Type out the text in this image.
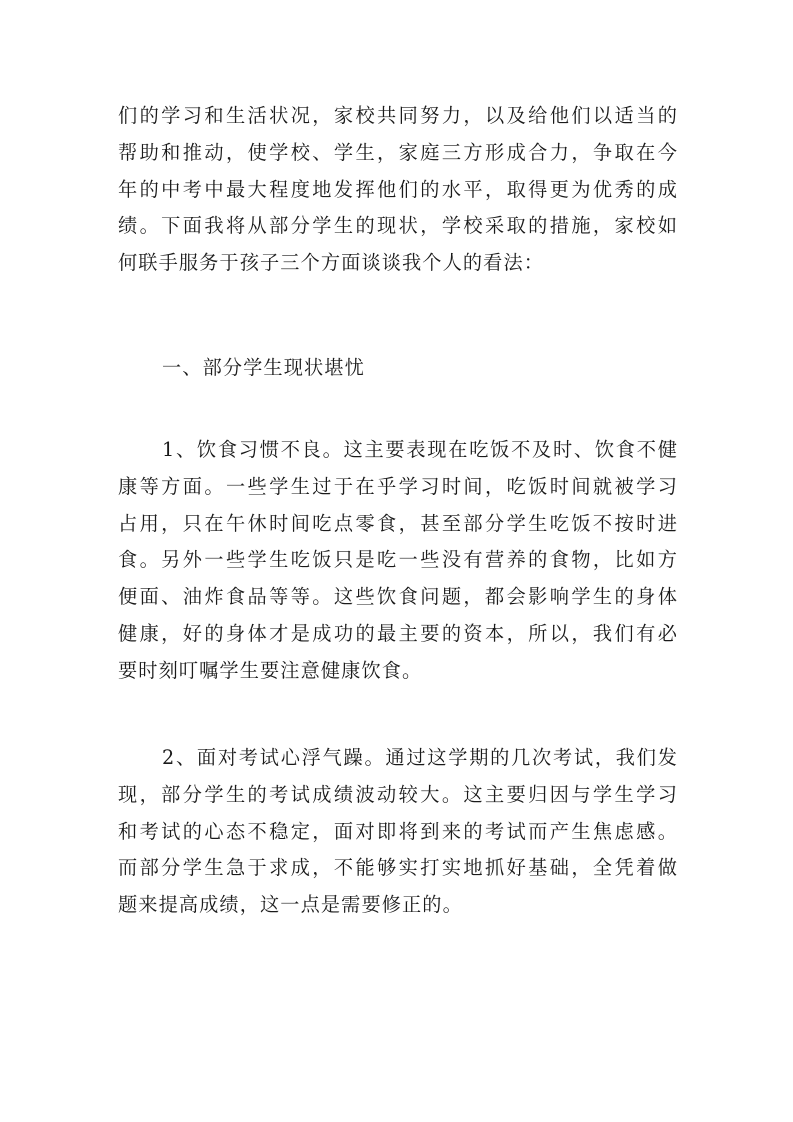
们的学习和生活状况，家校共同努力，以及给他们以适当的
帮助和推动，使学校、学生，家庭三方形成合力，争取在今
年的中考中最大程度地发挥他们的水平，取得更为优秀的成
绩。下面我将从部分学生的现状，学校采取的措施，家校如
何联手服务于孩子三个方面谈谈我个人的看法：
一、部分学生现状堪忧
1、饮食习惯不良。这主要表现在吃饭不及时、饮食不健
康等方面。一些学生过于在乎学习时间，吃饭时间就被学习
占用，只在午休时间吃点零食，甚至部分学生吃饭不按时进
食。另外一些学生吃饭只是吃一些没有营养的食物，比如方
便面、油炸食品等等。这些饮食问题，都会影响学生的身体
健康，好的身体才是成功的最主要的资本，所以，我们有必
要时刻叮嘱学生要注意健康饮食。
2、面对考试心浮气躁。通过这学期的几次考试，我们发
现，部分学生的考试成绩波动较大。这主要归因与学生学习
和考试的心态不稳定，面对即将到来的考试而产生焦虑感。
而部分学生急于求成，不能够实打实地抓好基础，全凭着做
题来提高成绩，这一点是需要修正的。
